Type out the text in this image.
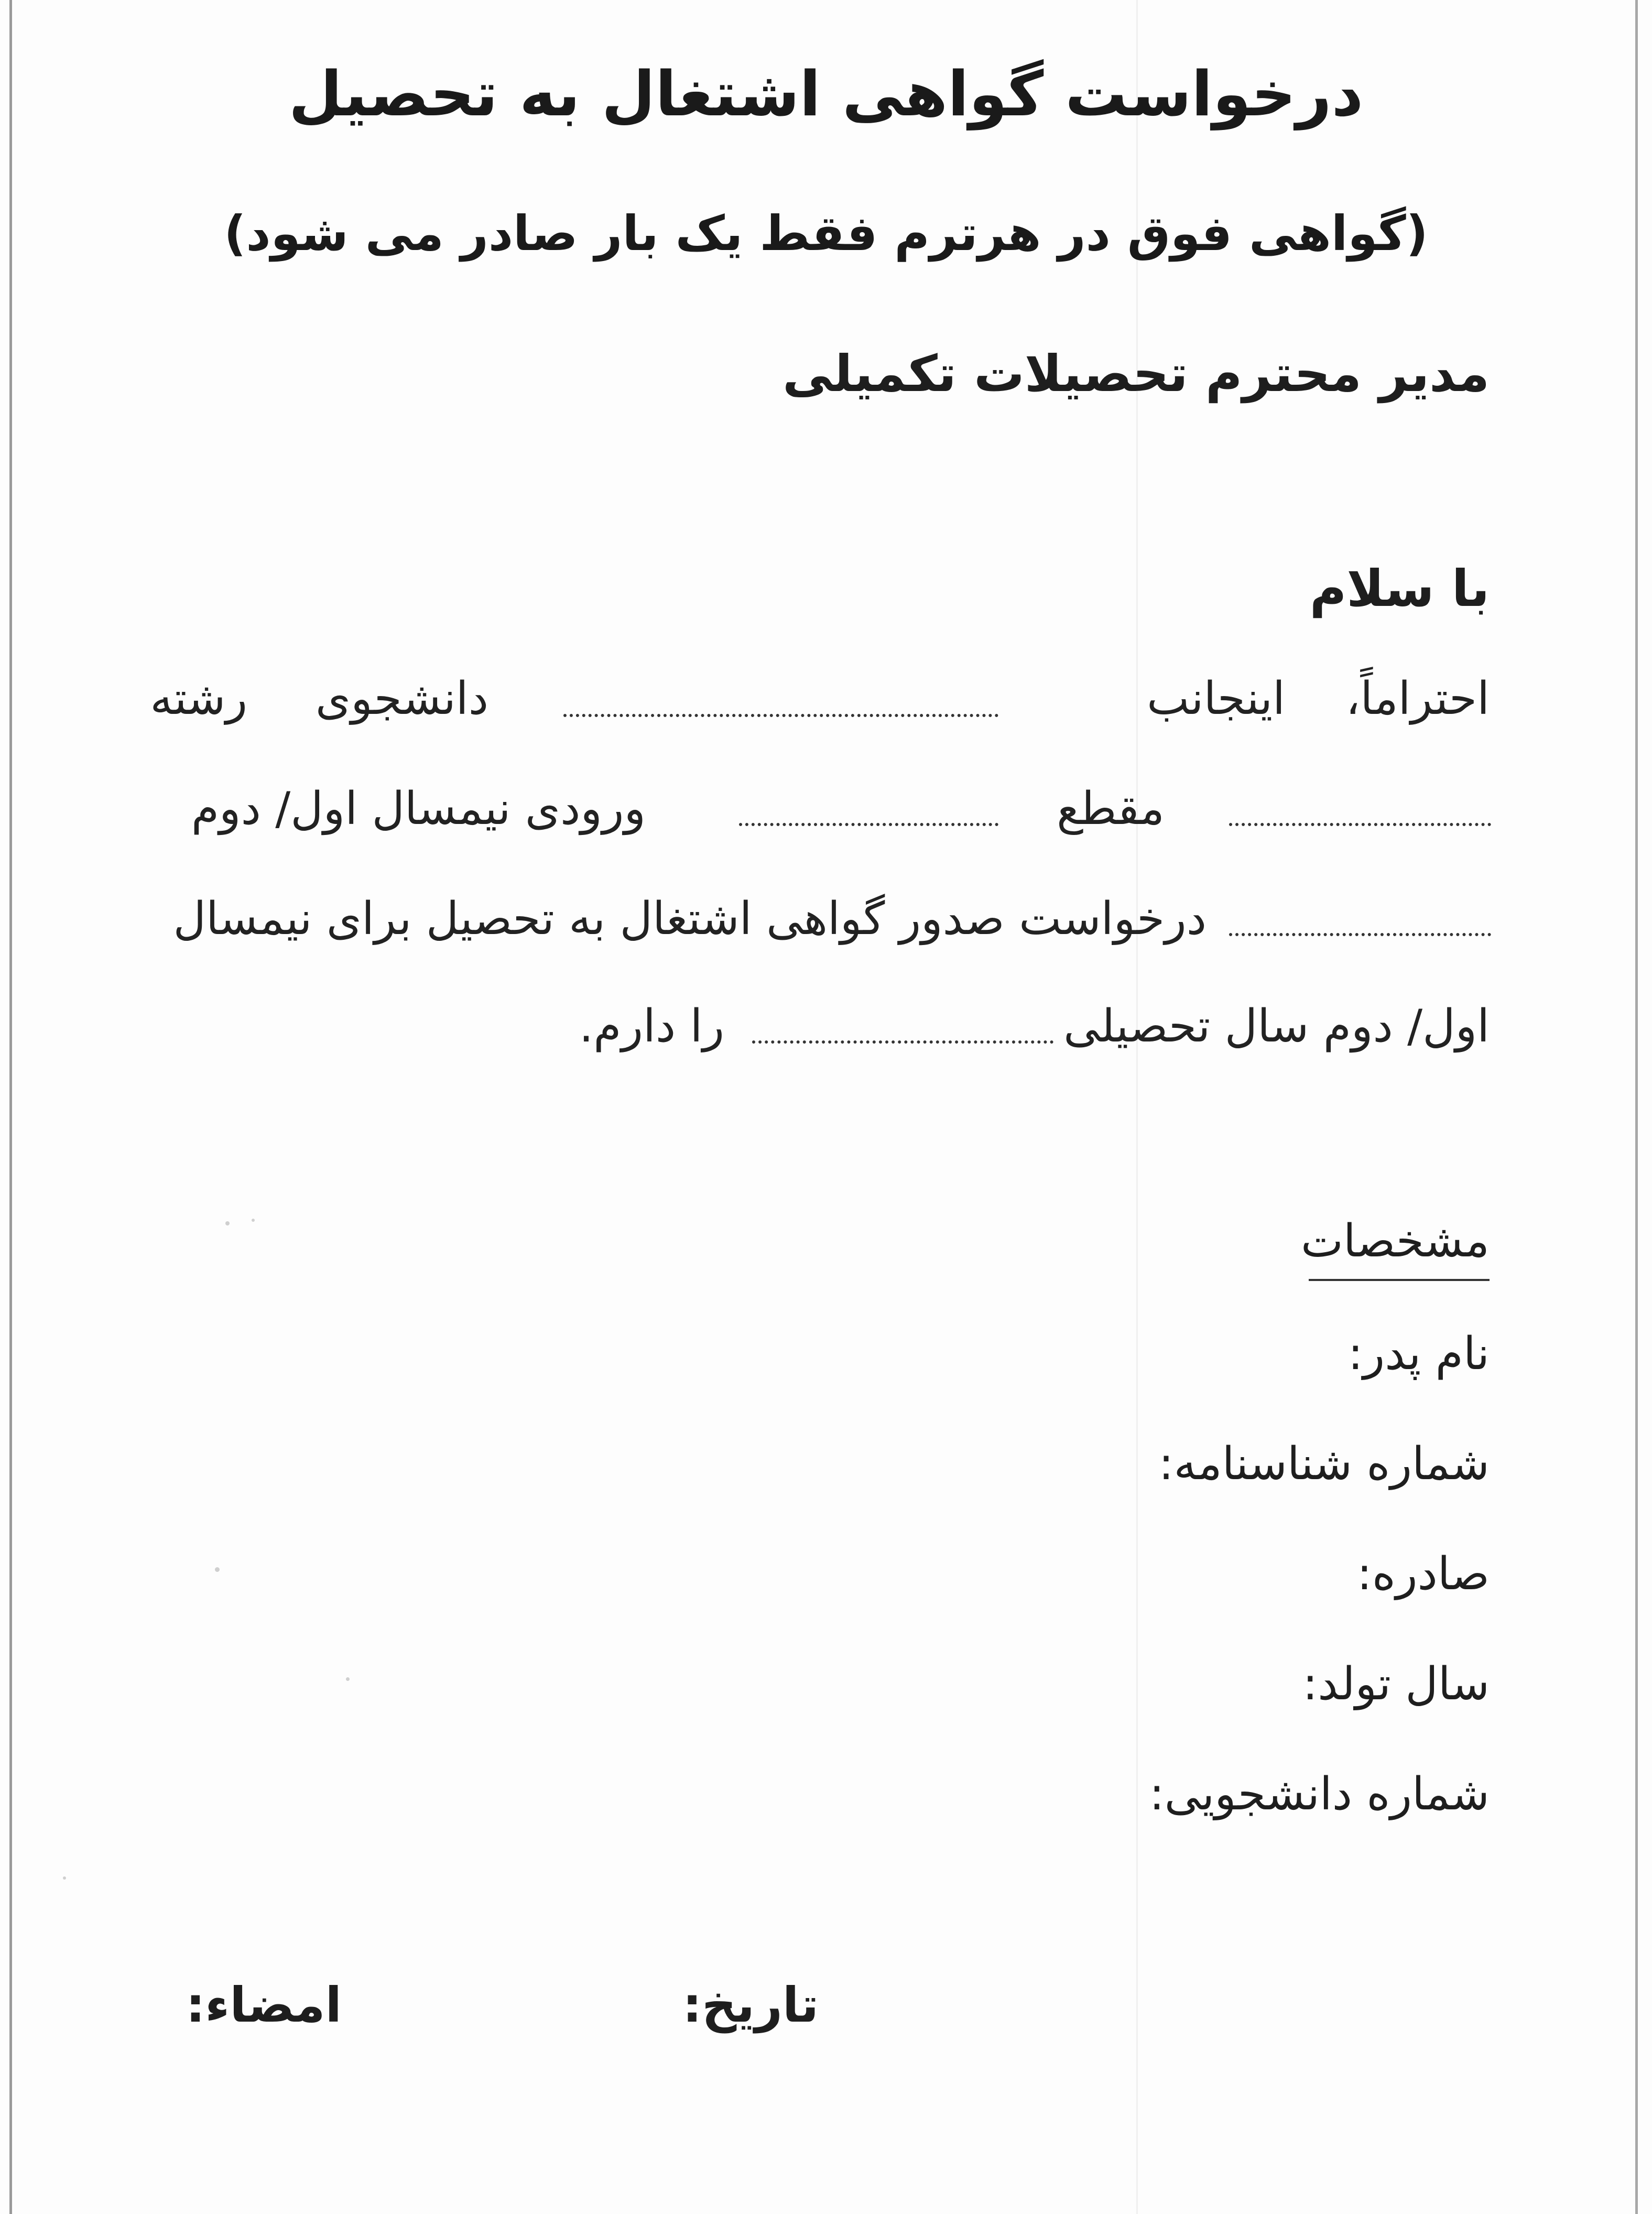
درخواست گواهی اشتغال به تحصیل
(گواهی فوق در هرترم فقط یک بار صادر می شود)
مدیر محترم تحصیلات تکمیلی
با سلام
احتراماً،
اینجانب
دانشجوی
رشته
مقطع
ورودی نیمسال اول/ دوم
درخواست صدور گواهی اشتغال به تحصیل برای نیمسال
اول/ دوم سال تحصیلی
را دارم.
مشخصات
نام پدر:
شماره شناسنامه:
صادره:
سال تولد:
شماره دانشجویی:
تاریخ:
امضاء:
